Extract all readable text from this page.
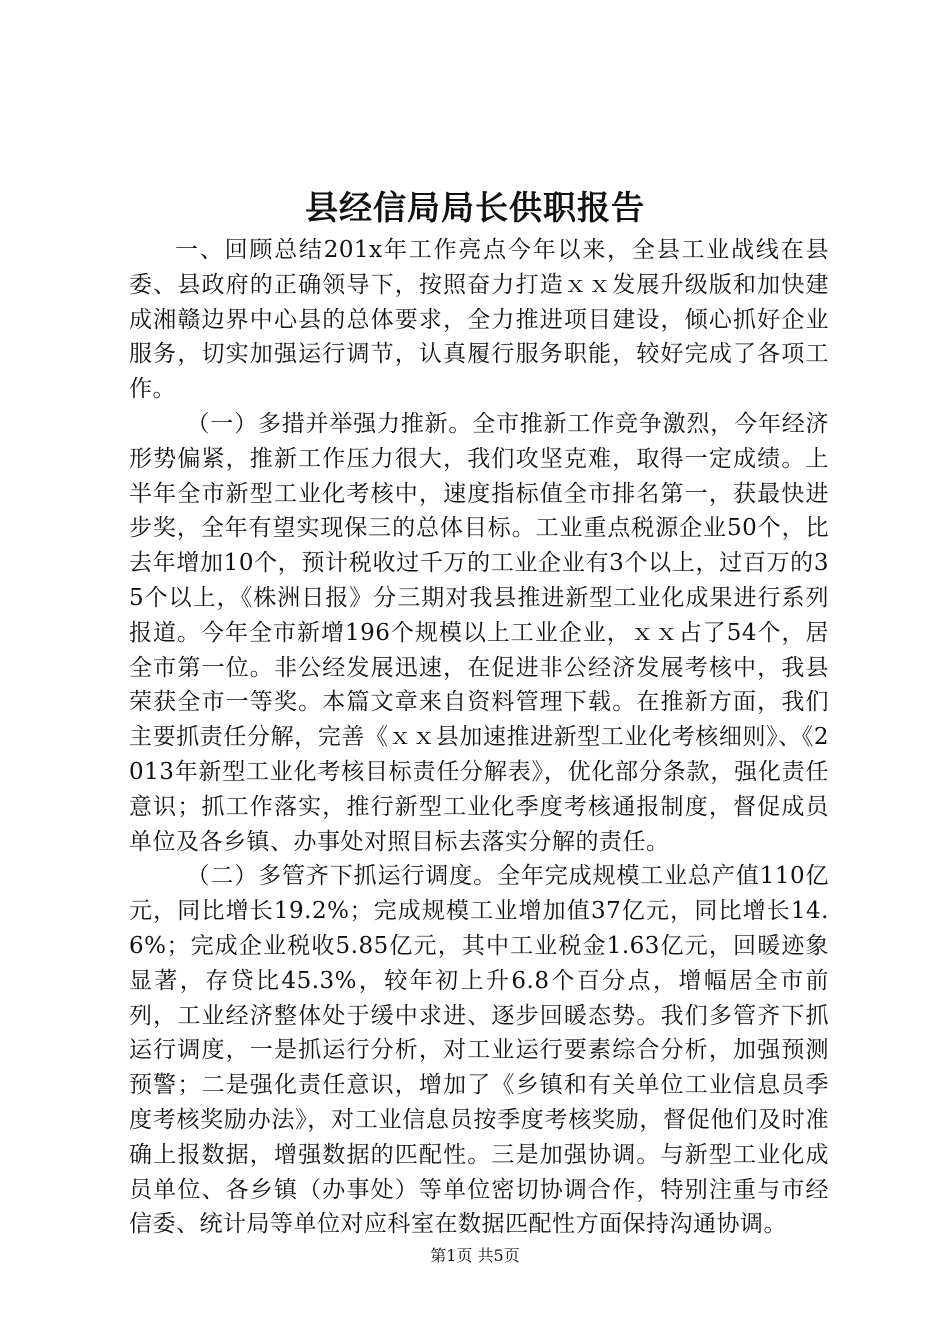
县经信局局长供职报告

一、回顾总结201x年工作亮点今年以来，全县工业战线在县委、县政府的正确领导下，按照奋力打造ｘｘ发展升级版和加快建成湘赣边界中心县的总体要求，全力推进项目建设，倾心抓好企业服务，切实加强运行调节，认真履行服务职能，较好完成了各项工作。

（一）多措并举强力推新。全市推新工作竞争激烈，今年经济形势偏紧，推新工作压力很大，我们攻坚克难，取得一定成绩。上半年全市新型工业化考核中，速度指标值全市排名第一，获最快进步奖，全年有望实现保三的总体目标。工业重点税源企业50个，比去年增加10个，预计税收过千万的工业企业有3个以上，过百万的35个以上，《株洲日报》分三期对我县推进新型工业化成果进行系列报道。今年全市新增196个规模以上工业企业，ｘｘ占了54个，居全市第一位。非公经发展迅速，在促进非公经济发展考核中，我县荣获全市一等奖。本篇文章来自资料管理下载。在推新方面，我们主要抓责任分解，完善《ｘｘ县加速推进新型工业化考核细则》、《2013年新型工业化考核目标责任分解表》，优化部分条款，强化责任意识；抓工作落实，推行新型工业化季度考核通报制度，督促成员单位及各乡镇、办事处对照目标去落实分解的责任。

（二）多管齐下抓运行调度。全年完成规模工业总产值110亿元，同比增长19.2%；完成规模工业增加值37亿元，同比增长14.6%；完成企业税收5.85亿元，其中工业税金1.63亿元，回暖迹象显著，存贷比45.3%，较年初上升6.8个百分点，增幅居全市前列，工业经济整体处于缓中求进、逐步回暖态势。我们多管齐下抓运行调度，一是抓运行分析，对工业运行要素综合分析，加强预测预警；二是强化责任意识，增加了《乡镇和有关单位工业信息员季度考核奖励办法》，对工业信息员按季度考核奖励，督促他们及时准确上报数据，增强数据的匹配性。三是加强协调。与新型工业化成员单位、各乡镇（办事处）等单位密切协调合作，特别注重与市经信委、统计局等单位对应科室在数据匹配性方面保持沟通协调。

第1页 共5页
